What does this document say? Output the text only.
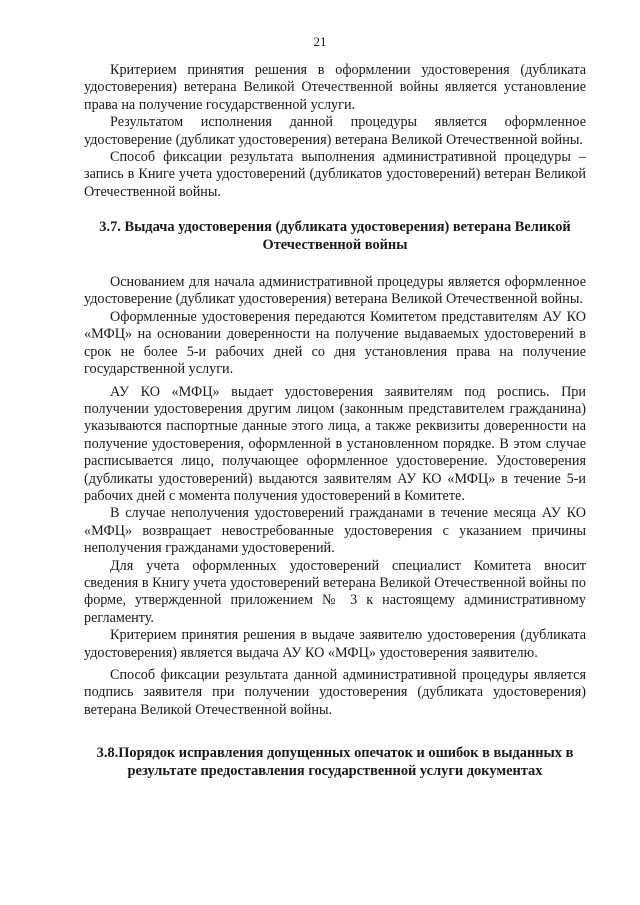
21

Критерием принятия решения в оформлении удостоверения (дубликата удостоверения) ветерана Великой Отечественной войны является установление права на получение государственной услуги.

Результатом исполнения данной процедуры является оформленное удостоверение (дубликат удостоверения) ветерана Великой Отечественной войны.

Способ фиксации результата выполнения административной процедуры – запись в Книге учета удостоверений (дубликатов удостоверений) ветеран Великой Отечественной войны.

3.7. Выдача удостоверения (дубликата удостоверения) ветерана Великой Отечественной войны

Основанием для начала административной процедуры является оформленное удостоверение (дубликат удостоверения) ветерана Великой Отечественной войны.

Оформленные удостоверения передаются Комитетом представителям АУ КО «МФЦ» на основании доверенности на получение выдаваемых удостоверений в срок не более 5-и рабочих дней со дня установления права на получение государственной услуги.

АУ КО «МФЦ» выдает удостоверения заявителям под роспись. При получении удостоверения другим лицом (законным представителем гражданина) указываются паспортные данные этого лица, а также реквизиты доверенности на получение удостоверения, оформленной в установленном порядке. В этом случае расписывается лицо, получающее оформленное удостоверение. Удостоверения (дубликаты удостоверений) выдаются заявителям АУ КО «МФЦ» в течение 5-и рабочих дней с момента получения удостоверений в Комитете.

В случае неполучения удостоверений гражданами в течение месяца АУ КО «МФЦ» возвращает невостребованные удостоверения с указанием причины неполучения гражданами удостоверений.

Для учета оформленных удостоверений специалист Комитета вносит сведения в Книгу учета удостоверений ветерана Великой Отечественной войны по форме, утвержденной приложением № 3 к настоящему административному регламенту.

Критерием принятия решения в выдаче заявителю удостоверения (дубликата удостоверения) является выдача АУ КО «МФЦ» удостоверения заявителю.

Способ фиксации результата данной административной процедуры является подпись заявителя при получении удостоверения (дубликата удостоверения) ветерана Великой Отечественной войны.

3.8.Порядок исправления допущенных опечаток и ошибок в выданных в результате предоставления государственной услуги документах
